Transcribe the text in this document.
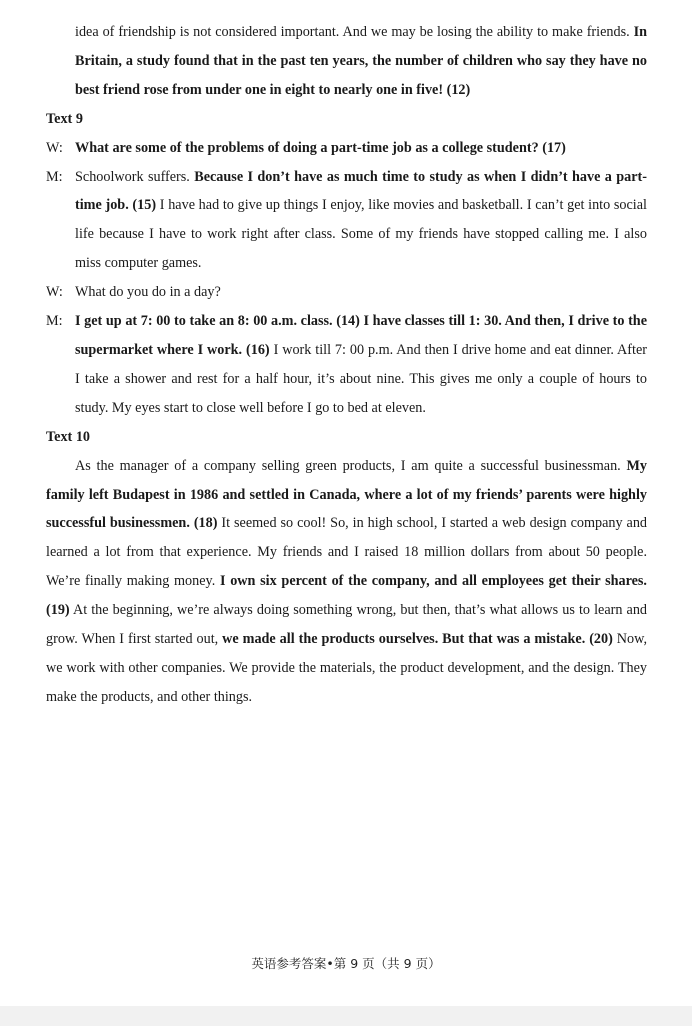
idea of friendship is not considered important. And we may be losing the ability to make friends. In Britain, a study found that in the past ten years, the number of children who say they have no best friend rose from under one in eight to nearly one in five! (12)

Text 9

W: What are some of the problems of doing a part-time job as a college student? (17)

M: Schoolwork suffers. Because I don’t have as much time to study as when I didn’t have a part-time job. (15) I have had to give up things I enjoy, like movies and basketball. I can’t get into social life because I have to work right after class. Some of my friends have stopped calling me. I also miss computer games.

W: What do you do in a day?

M: I get up at 7: 00 to take an 8: 00 a.m. class. (14) I have classes till 1: 30. And then, I drive to the supermarket where I work. (16) I work till 7: 00 p.m. And then I drive home and eat dinner. After I take a shower and rest for a half hour, it’s about nine. This gives me only a couple of hours to study. My eyes start to close well before I go to bed at eleven.

Text 10

As the manager of a company selling green products, I am quite a successful businessman. My family left Budapest in 1986 and settled in Canada, where a lot of my friends’ parents were highly successful businessmen. (18) It seemed so cool! So, in high school, I started a web design company and learned a lot from that experience. My friends and I raised 18 million dollars from about 50 people. We’re finally making money. I own six percent of the company, and all employees get their shares. (19) At the beginning, we’re always doing something wrong, but then, that’s what allows us to learn and grow. When I first started out, we made all the products ourselves. But that was a mistake. (20) Now, we work with other companies. We provide the materials, the product development, and the design. They make the products, and other things.

英语参考答案•第 9 页（共 9 页）
